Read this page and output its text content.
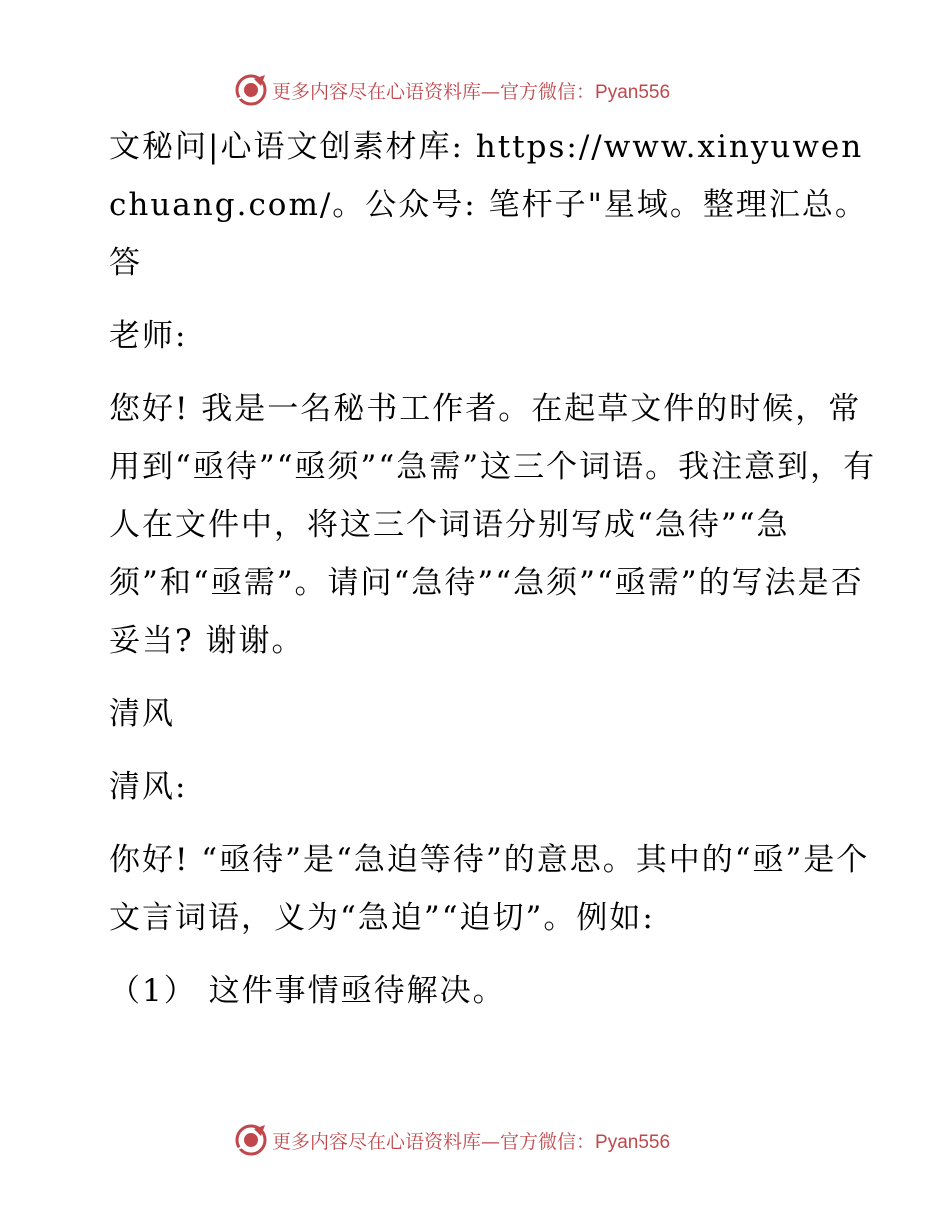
更多内容尽在心语资料库—官方微信：Pyan556

文秘问|心语文创素材库: https://www.xinyuwenchuang.com/。公众号: 笔杆子"星域。整理汇总。答

老师:

您好! 我是一名秘书工作者。在起草文件的时候，常用到“亟待”“亟须”“急需”这三个词语。我注意到，有人在文件中，将这三个词语分别写成“急待”“急须”和“亟需”。请问“急待”“急须”“亟需”的写法是否妥当? 谢谢。

清风

清风:

你好! “亟待”是“急迫等待”的意思。其中的“亟”是个文言词语，义为“急迫”“迫切”。例如:

（1） 这件事情亟待解决。

更多内容尽在心语资料库—官方微信：Pyan556
